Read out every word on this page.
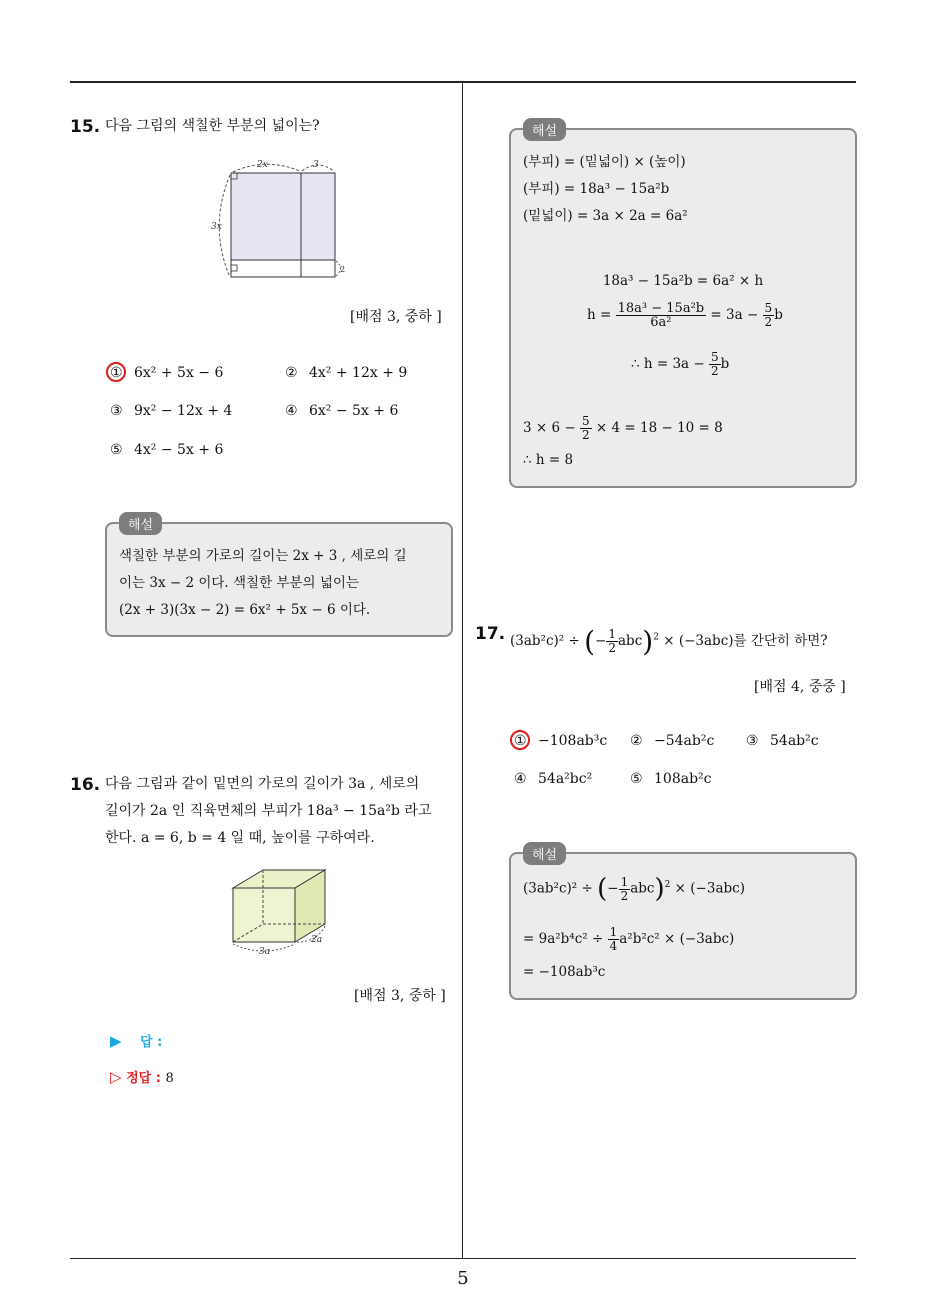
5
15. 다음 그림의 색칠한 부분의 넓이는?
2x	3
3x
2
[배점 3, 중하 ]
① 6x² + 5x − 6	② 4x² + 12x + 9
③ 9x² − 12x + 4	④ 6x² − 5x + 6
⑤ 4x² − 5x + 6
해설
색칠한 부분의 가로의 길이는 2x + 3 , 세로의 길
이는 3x − 2 이다. 색칠한 부분의 넓이는
(2x + 3)(3x − 2) = 6x² + 5x − 6 이다.
16. 다음 그림과 같이 밑면의 가로의 길이가 3a , 세로의
길이가 2a 인 직육면체의 부피가 18a³ − 15a²b 라고
한다. a = 6, b = 4 일 때, 높이를 구하여라.
3a
2a
[배점 3, 중하 ]
▶ 답 :
▷ 정답 : 8
해설
(부피) = (밑넓이) × (높이)
(부피) = 18a³ − 15a²b
(밑넓이) = 3a × 2a = 6a²
18a³ − 15a²b = 6a² × h
$h = \frac{\text{18a³ − 15a²b}}{\text{6a²}} = 3a - \frac{5}{2}$ b
∴ $h = 3a - \frac{5}{2}$ b
$3 \times 6 - \frac{5}{2} \times 4 = 18 - 10 = 8$
∴ h = 8
17. (3ab²c)² ÷ (− $\frac{1}{2} abc)^2 \times (-3abc)$를 간단히 하면?
[배점 4, 중중 ]
① −108ab³c ② −54ab²c ③ 54ab²c
④ 54a²bc²	⑤ 108ab²c
해설
(3ab²c)² ÷ (− $\frac{1}{2} abc)^2 \times (-3abc)$
= $9a^2b^4c^2 \div \frac{1}{4} a^2b^2c^2 \times (-3abc)$
= −108ab³c
